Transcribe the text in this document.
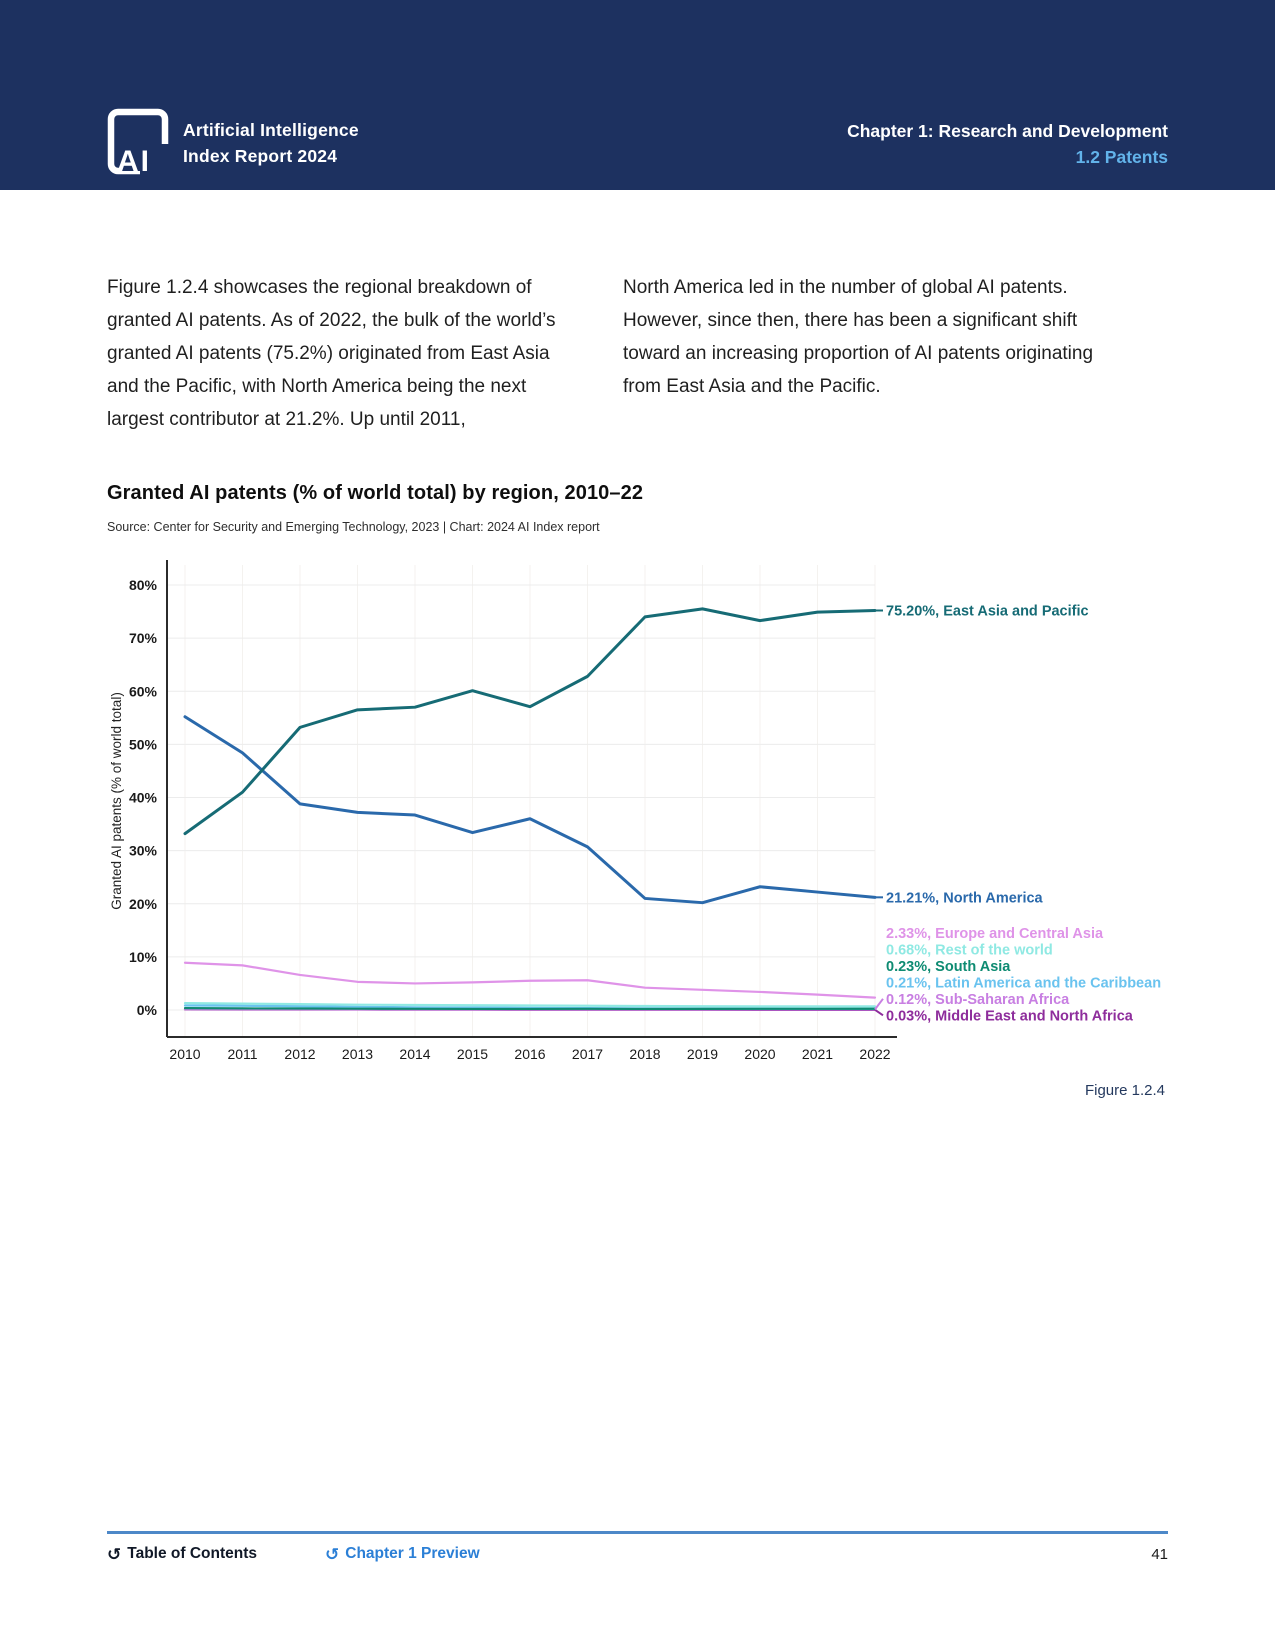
AI
Artificial Intelligence
Index Report 2024
Chapter 1: Research and Development
1.2 Patents

Figure 1.2.4 showcases the regional breakdown of granted AI patents. As of 2022, the bulk of the world’s granted AI patents (75.2%) originated from East Asia and the Pacific, with North America being the next largest contributor at 21.2%. Up until 2011,

North America led in the number of global AI patents. However, since then, there has been a significant shift toward an increasing proportion of AI patents originating from East Asia and the Pacific.

Granted AI patents (% of world total) by region, 2010–22
Source: Center for Security and Emerging Technology, 2023 | Chart: 2024 AI Index report
0%
10%
20%
30%
40%
50%
60%
70%
80%
2010 2011 2012 2013 2014 2015 2016 2017 2018 2019 2020 2021 2022
Granted AI patents (% of world total)
0.03%, Middle East and North Africa
0.12%, Sub-Saharan Africa
0.21%, Latin America and the Caribbean
0.23%, South Asia
0.68%, Rest of the world
2.33%, Europe and Central Asia
21.21%, North America
75.20%, East Asia and Pacific
Figure 1.2.4
↺ Table of Contents	↺ Chapter 1 Preview	41
